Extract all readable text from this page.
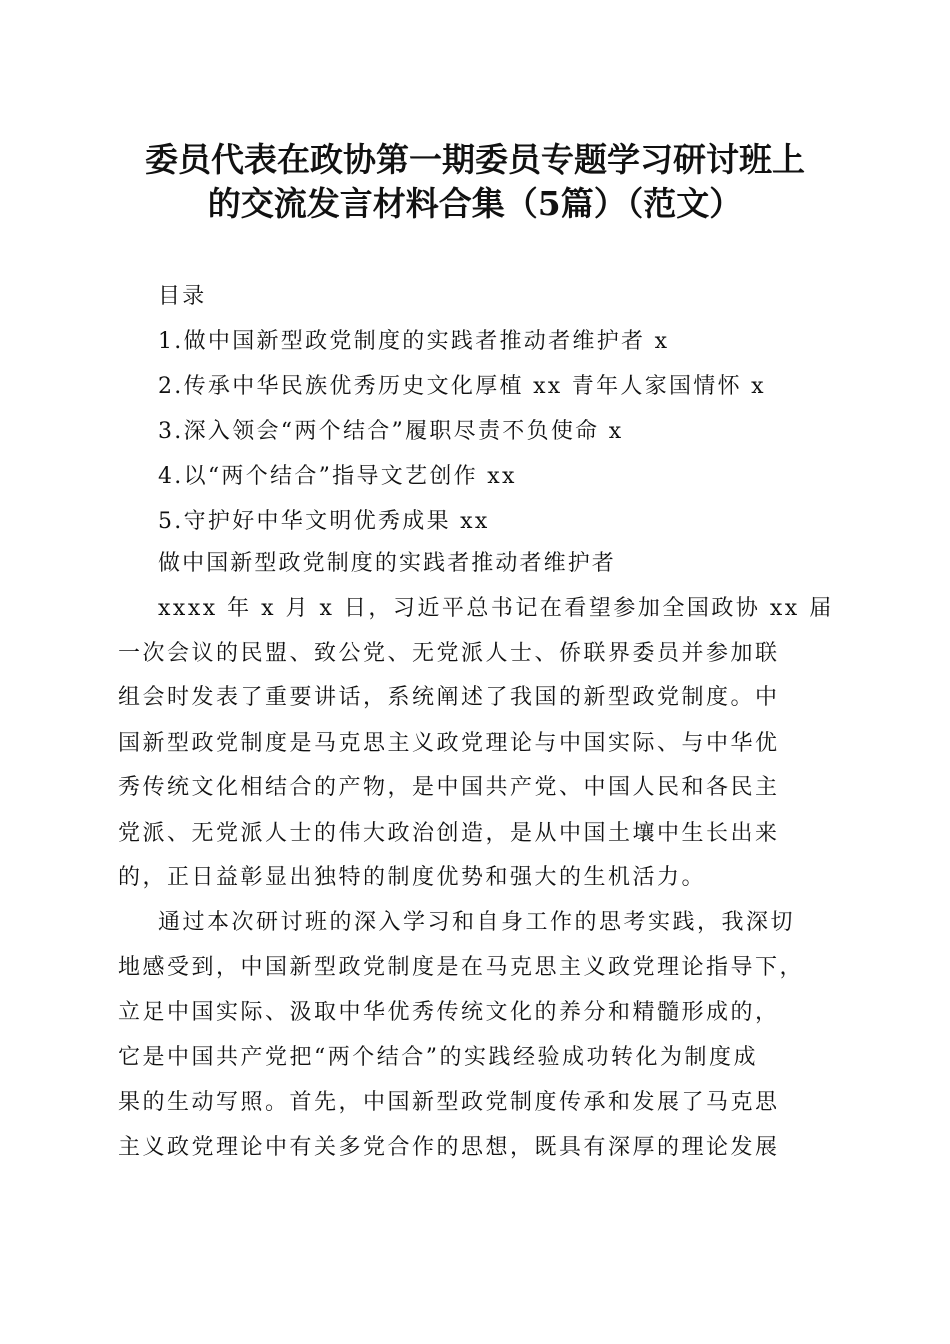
委员代表在政协第一期委员专题学习研讨班上
的交流发言材料合集（5篇）（范文）
目录
1.做中国新型政党制度的实践者推动者维护者 x
2.传承中华民族优秀历史文化厚植 xx 青年人家国情怀 x
3.深入领会“两个结合”履职尽责不负使命 x
4.以“两个结合”指导文艺创作 xx
5.守护好中华文明优秀成果 xx
做中国新型政党制度的实践者推动者维护者
xxxx 年 x 月 x 日，习近平总书记在看望参加全国政协 xx 届
一次会议的民盟、致公党、无党派人士、侨联界委员并参加联
组会时发表了重要讲话，系统阐述了我国的新型政党制度。中
国新型政党制度是马克思主义政党理论与中国实际、与中华优
秀传统文化相结合的产物，是中国共产党、中国人民和各民主
党派、无党派人士的伟大政治创造，是从中国土壤中生长出来
的，正日益彰显出独特的制度优势和强大的生机活力。
通过本次研讨班的深入学习和自身工作的思考实践，我深切
地感受到，中国新型政党制度是在马克思主义政党理论指导下，
立足中国实际、汲取中华优秀传统文化的养分和精髓形成的，
它是中国共产党把“两个结合”的实践经验成功转化为制度成
果的生动写照。首先，中国新型政党制度传承和发展了马克思
主义政党理论中有关多党合作的思想，既具有深厚的理论发展
